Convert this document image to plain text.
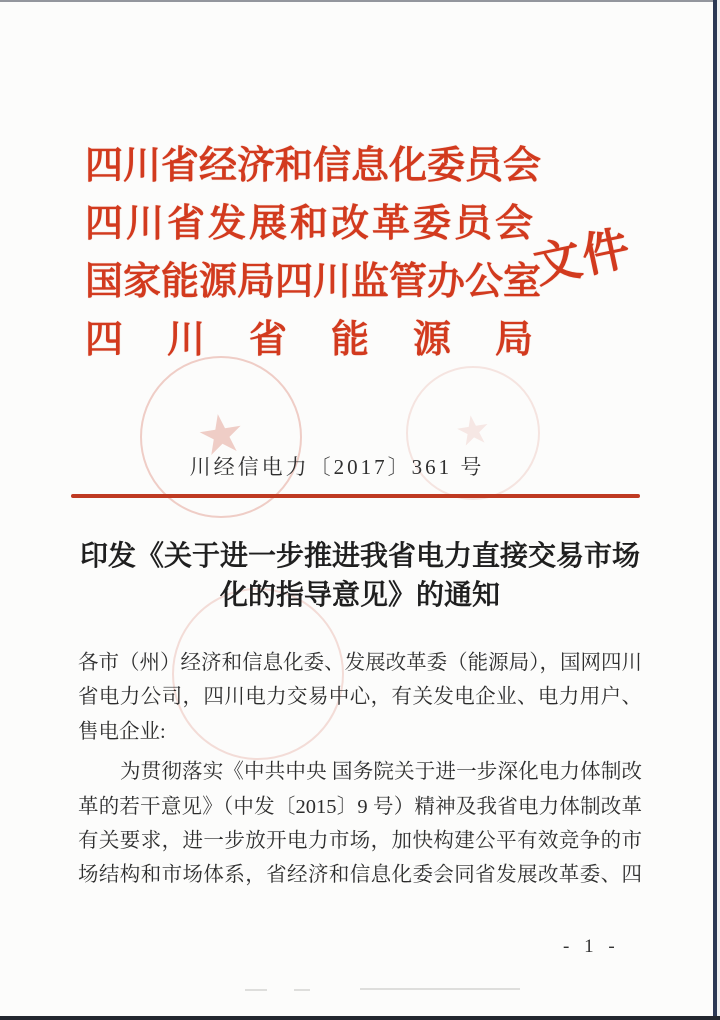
四川省经济和信息化委员会
四川省发展和改革委员会
国家能源局四川监管办公室
四川省能源局
文件
★	★
川经信电力〔2017〕361 号
印发《关于进一步推进我省电力直接交易市场
化的指导意见》的通知
各市（州）经济和信息化委、发展改革委（能源局），国网四川
省电力公司，四川电力交易中心，有关发电企业、电力用户、
售电企业:
为贯彻落实《中共中央 国务院关于进一步深化电力体制改
革的若干意见》（中发〔2015〕9 号）精神及我省电力体制改革
有关要求，进一步放开电力市场，加快构建公平有效竞争的市
场结构和市场体系，省经济和信息化委会同省发展改革委、四
- 1 -
